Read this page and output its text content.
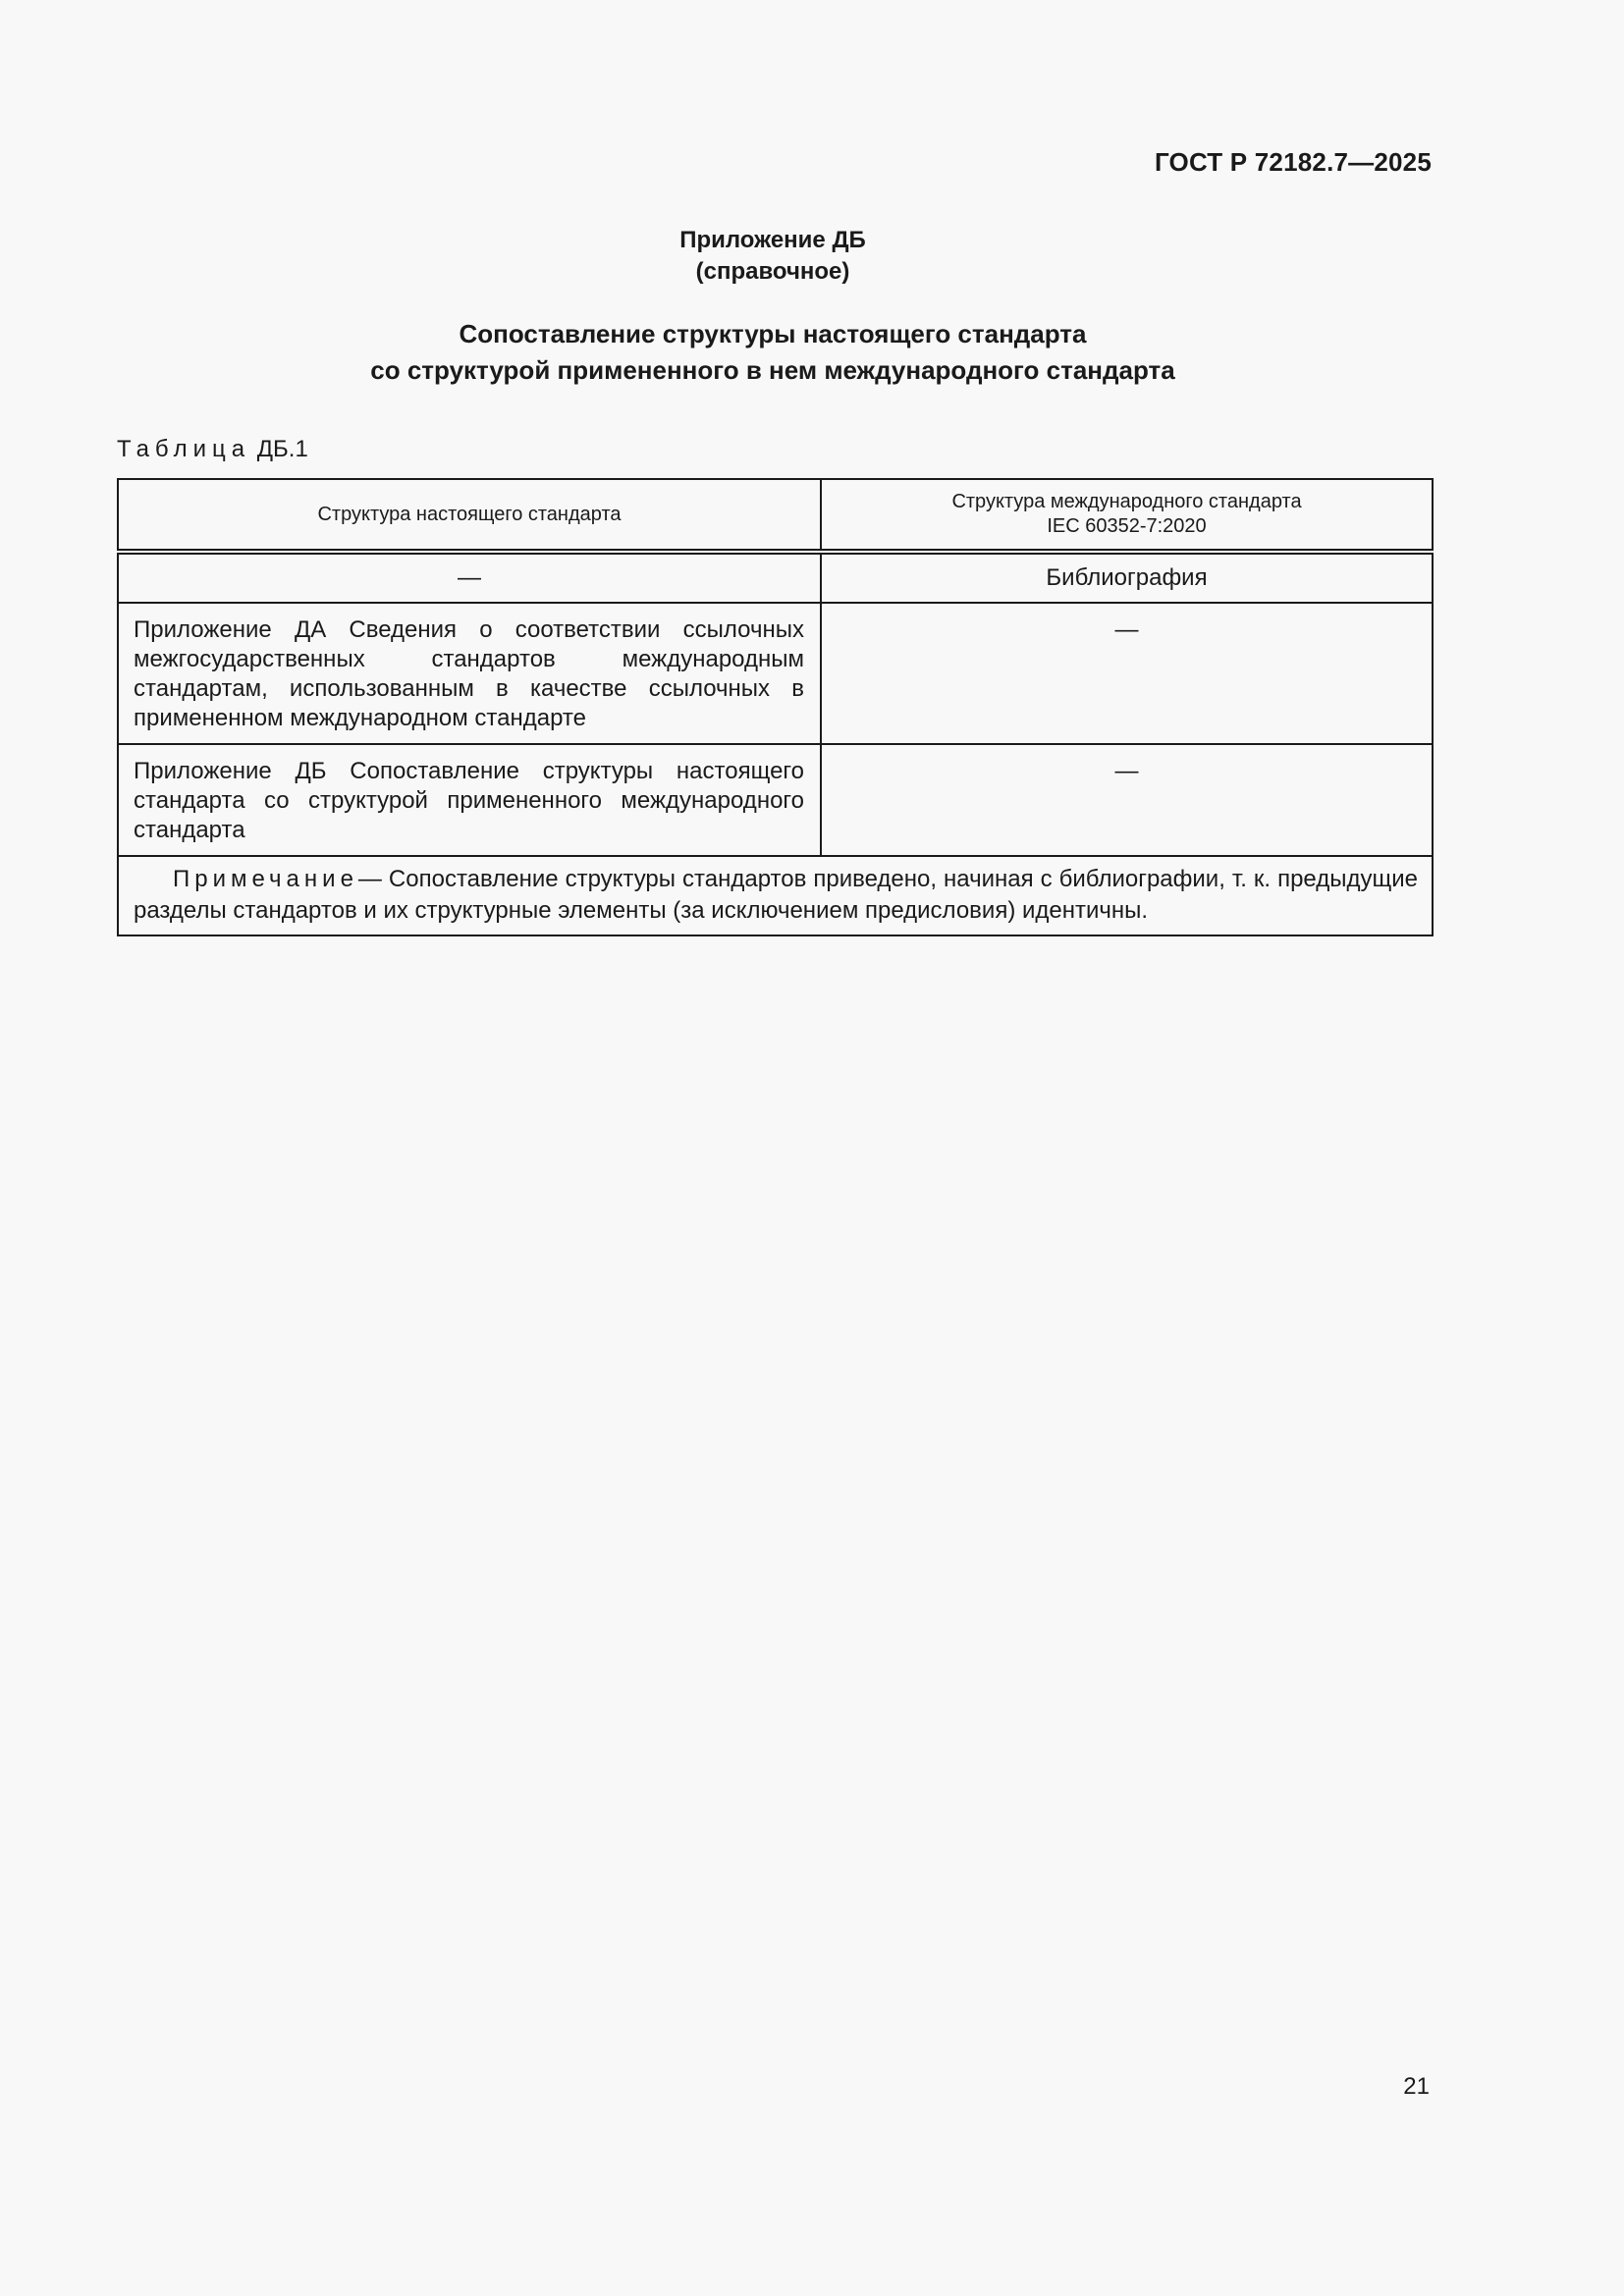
ГОСТ Р 72182.7—2025
Приложение ДБ
(справочное)
Сопоставление структуры настоящего стандарта
со структурой примененного в нем международного стандарта
Таблица ДБ.1
Структура настоящего стандарта	Структура международного стандарта
IEC 60352-7:2020

—	Библиография
Приложение ДА Сведения о соответствии ссылочных межгосударственных стандартов международным стандартам, использованным в качестве ссылочных в примененном международном стандарте	—
Приложение ДБ Сопоставление структуры настоящего стандарта со структурой примененного международного стандарта	—
Примечание— Сопоставление структуры стандартов приведено, начиная с библиографии, т. к. предыдущие разделы стандартов и их структурные элементы (за исключением предисловия) идентичны.	
21
